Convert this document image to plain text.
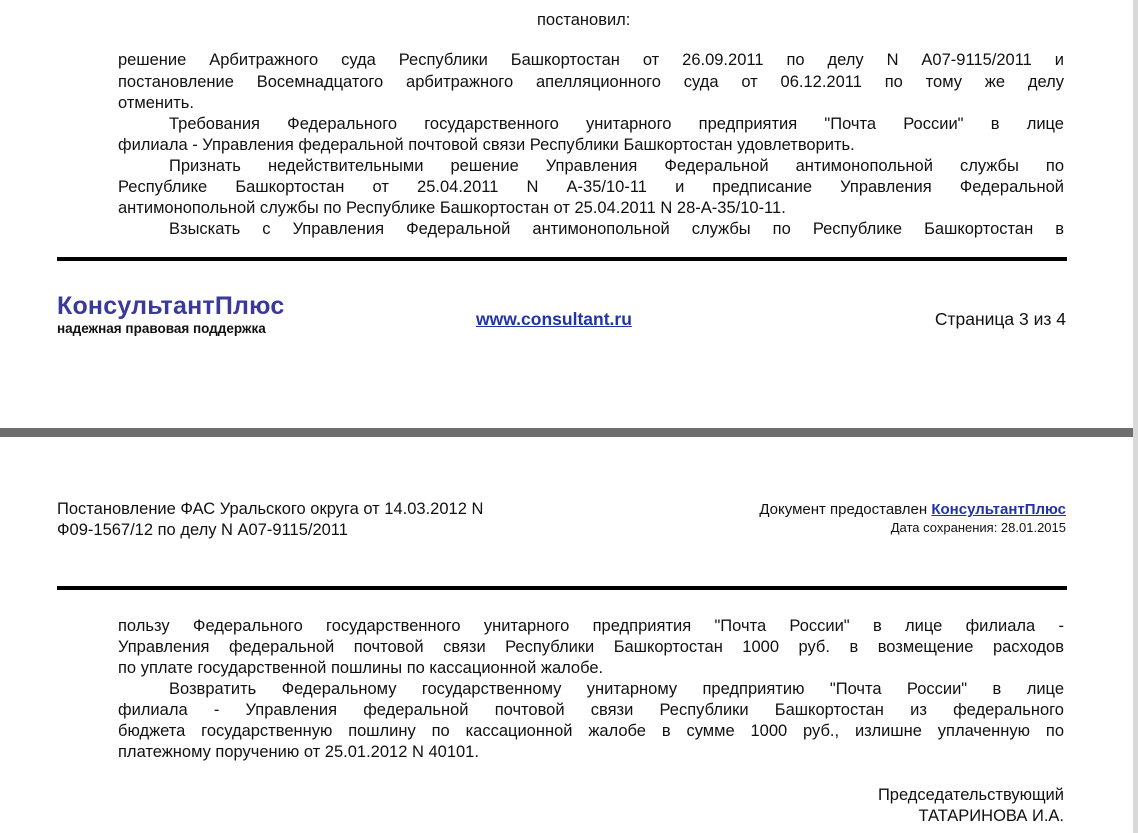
постановил:
решение Арбитражного суда Республики Башкортостан от 26.09.2011 по делу N А07-9115/2011 и
постановление Восемнадцатого арбитражного апелляционного суда от 06.12.2011 по тому же делу
отменить.
Требования Федерального государственного унитарного предприятия "Почта России" в лице
филиала - Управления федеральной почтовой связи Республики Башкортостан удовлетворить.
Признать недействительными решение Управления Федеральной антимонопольной службы по
Республике Башкортостан от 25.04.2011 N А-35/10-11 и предписание Управления Федеральной
антимонопольной службы по Республике Башкортостан от 25.04.2011 N 28-А-35/10-11.
Взыскать с Управления Федеральной антимонопольной службы по Республике Башкортостан в
КонсультантПлюс
надежная правовая поддержка	www.consultant.ru	Страница 3 из 4
Постановление ФАС Уральского округа от 14.03.2012 N
Ф09-1567/12 по делу N А07-9115/2011
Документ предоставлен КонсультантПлюс
Дата сохранения: 28.01.2015
пользу Федерального государственного унитарного предприятия "Почта России" в лице филиала -
Управления федеральной почтовой связи Республики Башкортостан 1000 руб. в возмещение расходов
по уплате государственной пошлины по кассационной жалобе.
Возвратить Федеральному государственному унитарному предприятию "Почта России" в лице
филиала - Управления федеральной почтовой связи Республики Башкортостан из федерального
бюджета государственную пошлину по кассационной жалобе в сумме 1000 руб., излишне уплаченную по
платежному поручению от 25.01.2012 N 40101.
Председательствующий
ТАТАРИНОВА И.А.
